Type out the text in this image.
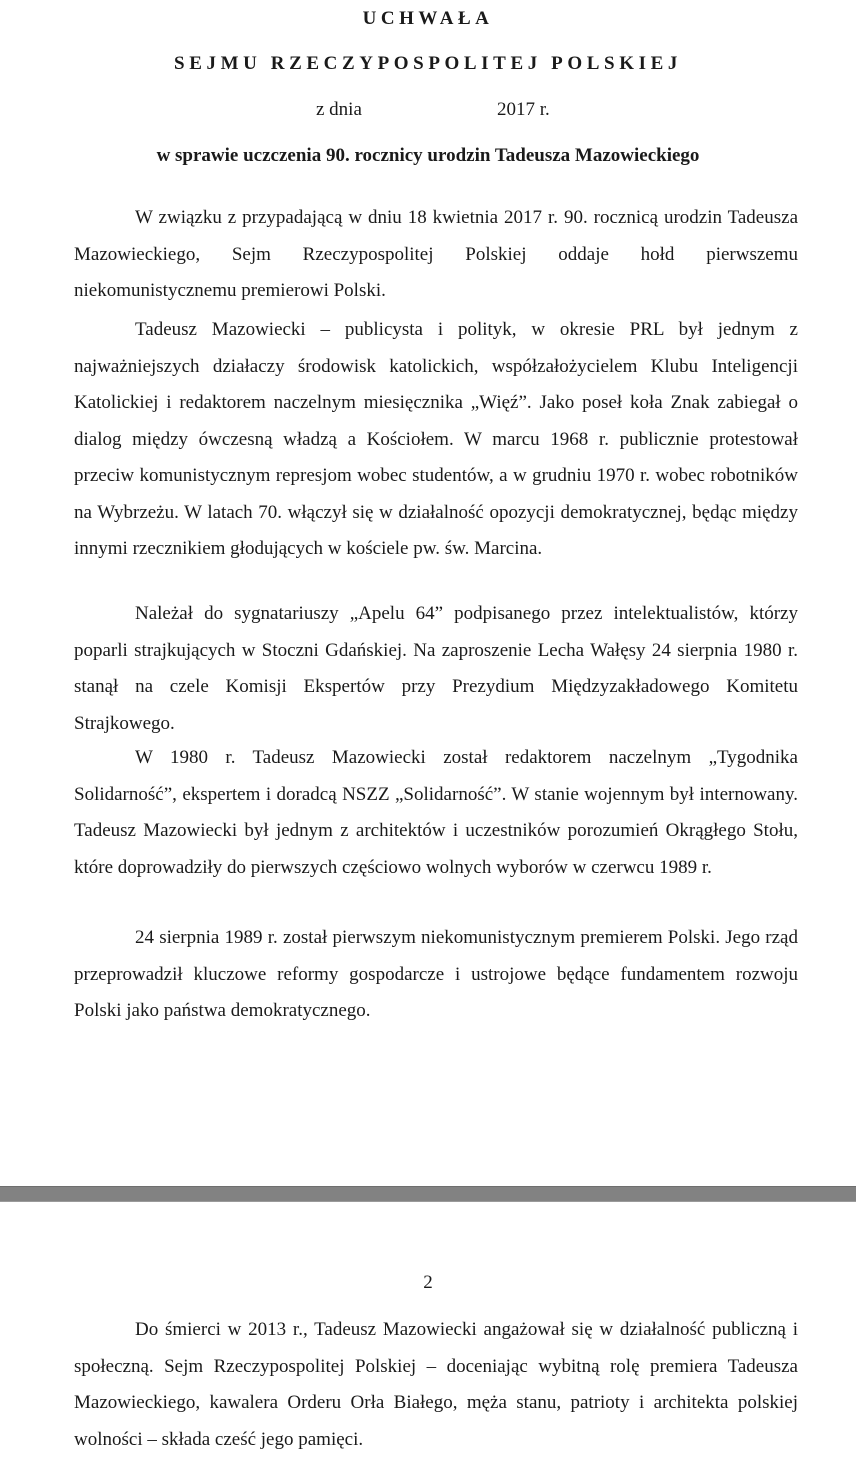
UCHWAŁA
SEJMU RZECZYPOSPOLITEJ POLSKIEJ
z dnia	2017 r.
w sprawie uczczenia 90. rocznicy urodzin Tadeusza Mazowieckiego

W związku z przypadającą w dniu 18 kwietnia 2017 r. 90. rocznicą urodzin Tadeusza Mazowieckiego, Sejm Rzeczypospolitej Polskiej oddaje hołd pierwszemu niekomunistycznemu premierowi Polski.

Tadeusz Mazowiecki – publicysta i polityk, w okresie PRL był jednym z najważniejszych działaczy środowisk katolickich, współzałożycielem Klubu Inteligencji Katolickiej i redaktorem naczelnym miesięcznika „Więź”. Jako poseł koła Znak zabiegał o dialog między ówczesną władzą a Kościołem. W marcu 1968 r. publicznie protestował przeciw komunistycznym represjom wobec studentów, a w grudniu 1970 r. wobec robotników na Wybrzeżu. W latach 70. włączył się w działalność opozycji demokratycznej, będąc między innymi rzecznikiem głodujących w kościele pw. św. Marcina.

Należał do sygnatariuszy „Apelu 64” podpisanego przez intelektualistów, którzy poparli strajkujących w Stoczni Gdańskiej. Na zaproszenie Lecha Wałęsy 24 sierpnia 1980 r. stanął na czele Komisji Ekspertów przy Prezydium Międzyzakładowego Komitetu Strajkowego.

W 1980 r. Tadeusz Mazowiecki został redaktorem naczelnym „Tygodnika Solidarność”, ekspertem i doradcą NSZZ „Solidarność”. W stanie wojennym był internowany. Tadeusz Mazowiecki był jednym z architektów i uczestników porozumień Okrągłego Stołu, które doprowadziły do pierwszych częściowo wolnych wyborów w czerwcu 1989 r.

24 sierpnia 1989 r. został pierwszym niekomunistycznym premierem Polski. Jego rząd przeprowadził kluczowe reformy gospodarcze i ustrojowe będące fundamentem rozwoju Polski jako państwa demokratycznego.

2

Do śmierci w 2013 r., Tadeusz Mazowiecki angażował się w działalność publiczną i społeczną. Sejm Rzeczypospolitej Polskiej – doceniając wybitną rolę premiera Tadeusza Mazowieckiego, kawalera Orderu Orła Białego, męża stanu, patrioty i architekta polskiej wolności – składa cześć jego pamięci.
